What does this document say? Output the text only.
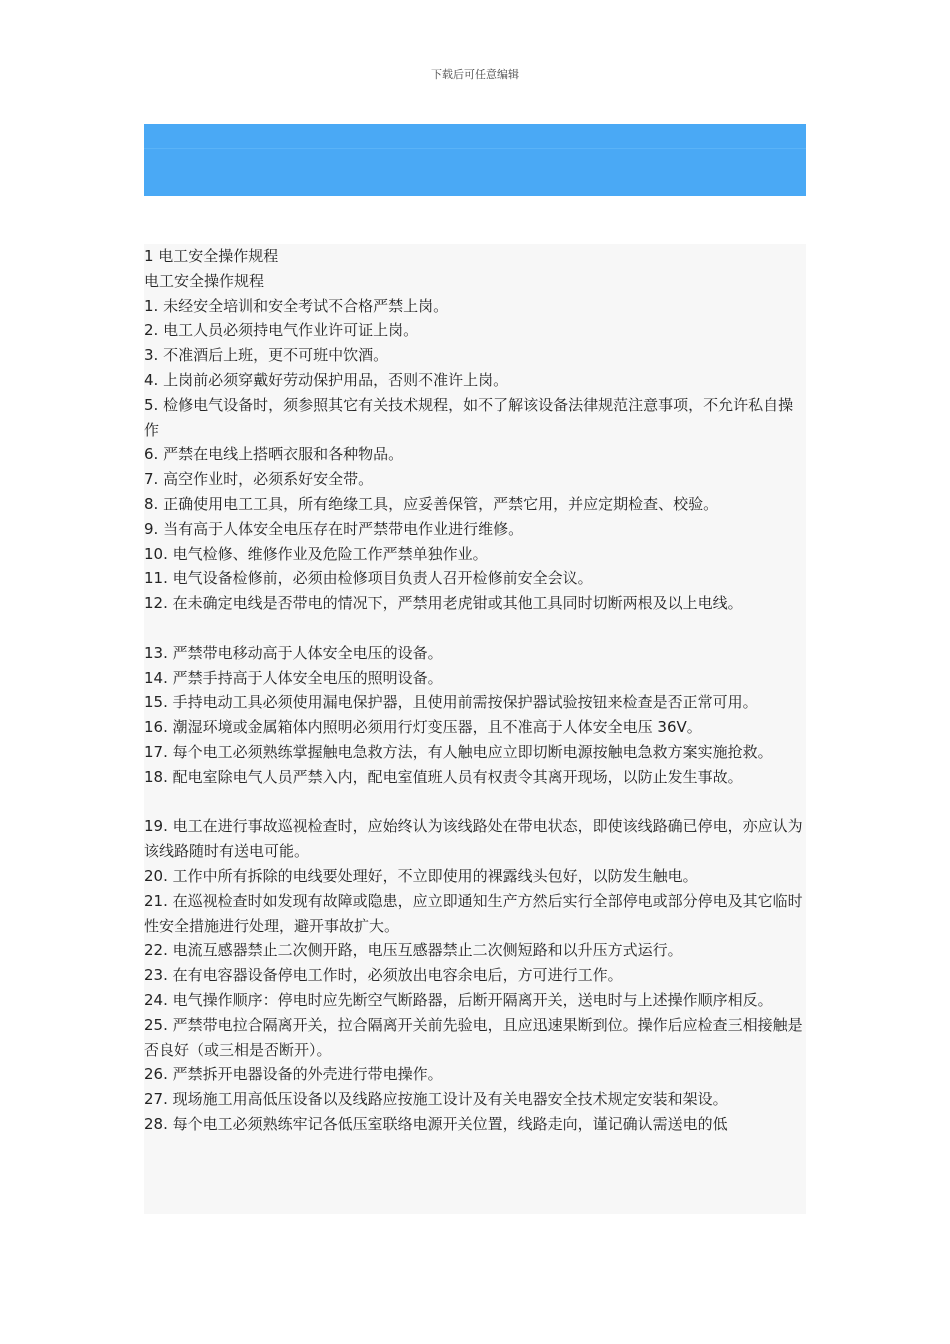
下载后可任意编辑

1 电工安全操作规程

电工安全操作规程

1. 未经安全培训和安全考试不合格严禁上岗。

2. 电工人员必须持电气作业许可证上岗。

3. 不准酒后上班，更不可班中饮酒。

4. 上岗前必须穿戴好劳动保护用品，否则不准许上岗。

5. 检修电气设备时，须参照其它有关技术规程，如不了解该设备法律规范注意事项，不允许私自操作

6. 严禁在电线上搭晒衣服和各种物品。

7. 高空作业时，必须系好安全带。

8. 正确使用电工工具，所有绝缘工具，应妥善保管，严禁它用，并应定期检查、校验。

9. 当有高于人体安全电压存在时严禁带电作业进行维修。

10. 电气检修、维修作业及危险工作严禁单独作业。

11. 电气设备检修前，必须由检修项目负责人召开检修前安全会议。

12. 在未确定电线是否带电的情况下，严禁用老虎钳或其他工具同时切断两根及以上电线。

13. 严禁带电移动高于人体安全电压的设备。

14. 严禁手持高于人体安全电压的照明设备。

15. 手持电动工具必须使用漏电保护器，且使用前需按保护器试验按钮来检查是否正常可用。

16. 潮湿环境或金属箱体内照明必须用行灯变压器，且不准高于人体安全电压 36V。

17. 每个电工必须熟练掌握触电急救方法，有人触电应立即切断电源按触电急救方案实施抢救。

18. 配电室除电气人员严禁入内，配电室值班人员有权责令其离开现场，以防止发生事故。

19. 电工在进行事故巡视检查时，应始终认为该线路处在带电状态，即使该线路确已停电，亦应认为该线路随时有送电可能。

20. 工作中所有拆除的电线要处理好，不立即使用的裸露线头包好，以防发生触电。

21. 在巡视检查时如发现有故障或隐患，应立即通知生产方然后实行全部停电或部分停电及其它临时性安全措施进行处理，避开事故扩大。

22. 电流互感器禁止二次侧开路，电压互感器禁止二次侧短路和以升压方式运行。

23. 在有电容器设备停电工作时，必须放出电容余电后，方可进行工作。

24. 电气操作顺序：停电时应先断空气断路器，后断开隔离开关，送电时与上述操作顺序相反。

25. 严禁带电拉合隔离开关，拉合隔离开关前先验电，且应迅速果断到位。操作后应检查三相接触是否良好（或三相是否断开）。

26. 严禁拆开电器设备的外壳进行带电操作。

27. 现场施工用高低压设备以及线路应按施工设计及有关电器安全技术规定安装和架设。

28. 每个电工必须熟练牢记各低压室联络电源开关位置，线路走向，谨记确认需送电的低
